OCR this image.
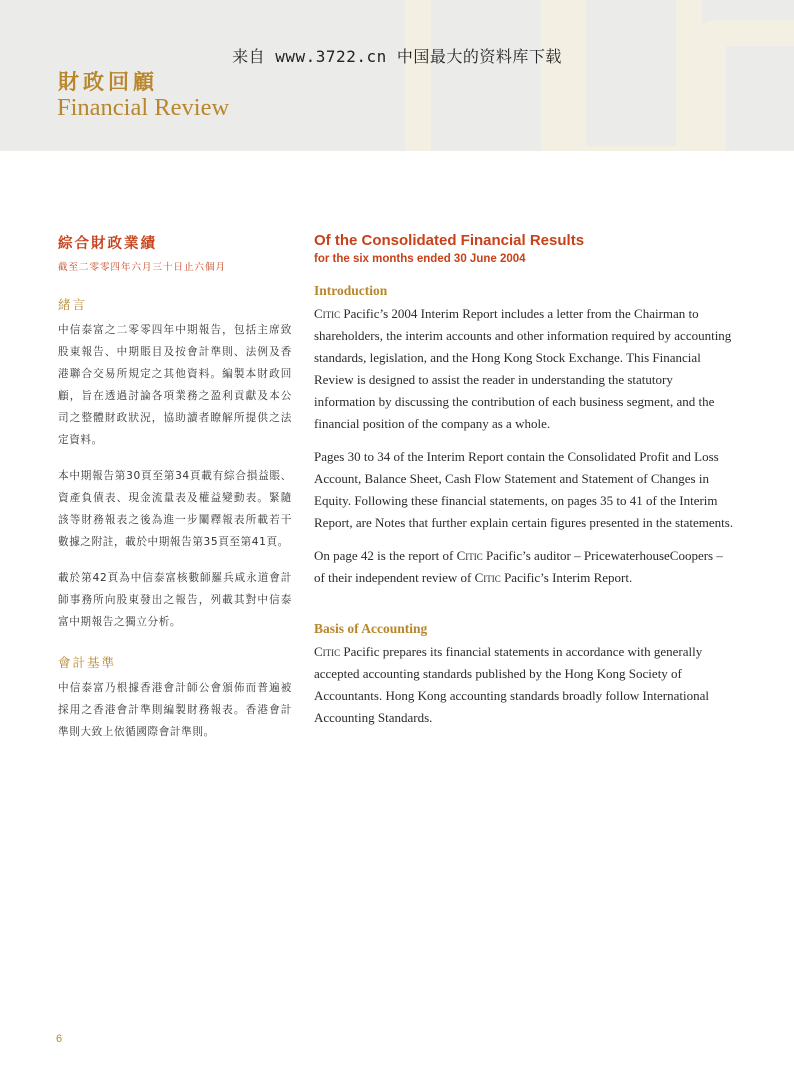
来自 www.3722.cn 中国最大的资料库下载
財政回顧
Financial Review

綜合財政業績

截至二零零四年六月三十日止六個月

緒言

中信泰富之二零零四年中期報告，包括主席致股東報告、中期賬目及按會計準則、法例及香港聯合交易所規定之其他資料。編製本財政回顧，旨在透過討論各項業務之盈利貢獻及本公司之整體財政狀況，協助讀者瞭解所提供之法定資料。

本中期報告第30頁至第34頁載有綜合損益賬、資產負債表、現金流量表及權益變動表。緊隨該等財務報表之後為進一步闡釋報表所載若干數據之附註，載於中期報告第35頁至第41頁。

載於第42頁為中信泰富核數師羅兵咸永道會計師事務所向股東發出之報告，列載其對中信泰富中期報告之獨立分析。

會計基準

中信泰富乃根據香港會計師公會頒佈而普遍被採用之香港會計準則編製財務報表。香港會計準則大致上依循國際會計準則。

Of the Consolidated Financial Results

for the six months ended 30 June 2004

Introduction

Citic Pacific’s 2004 Interim Report includes a letter from the Chairman to shareholders, the interim accounts and other information required by accounting standards, legislation, and the Hong Kong Stock Exchange. This Financial Review is designed to assist the reader in understanding the statutory information by discussing the contribution of each business segment, and the financial position of the company as a whole.

Pages 30 to 34 of the Interim Report contain the Consolidated Profit and Loss Account, Balance Sheet, Cash Flow Statement and Statement of Changes in Equity. Following these financial statements, on pages 35 to 41 of the Interim Report, are Notes that further explain certain figures presented in the statements.

On page 42 is the report of Citic Pacific’s auditor – PricewaterhouseCoopers – of their independent review of Citic Pacific’s Interim Report.

Basis of Accounting

Citic Pacific prepares its financial statements in accordance with generally accepted accounting standards published by the Hong Kong Society of Accountants. Hong Kong accounting standards broadly follow International Accounting Standards.

6
